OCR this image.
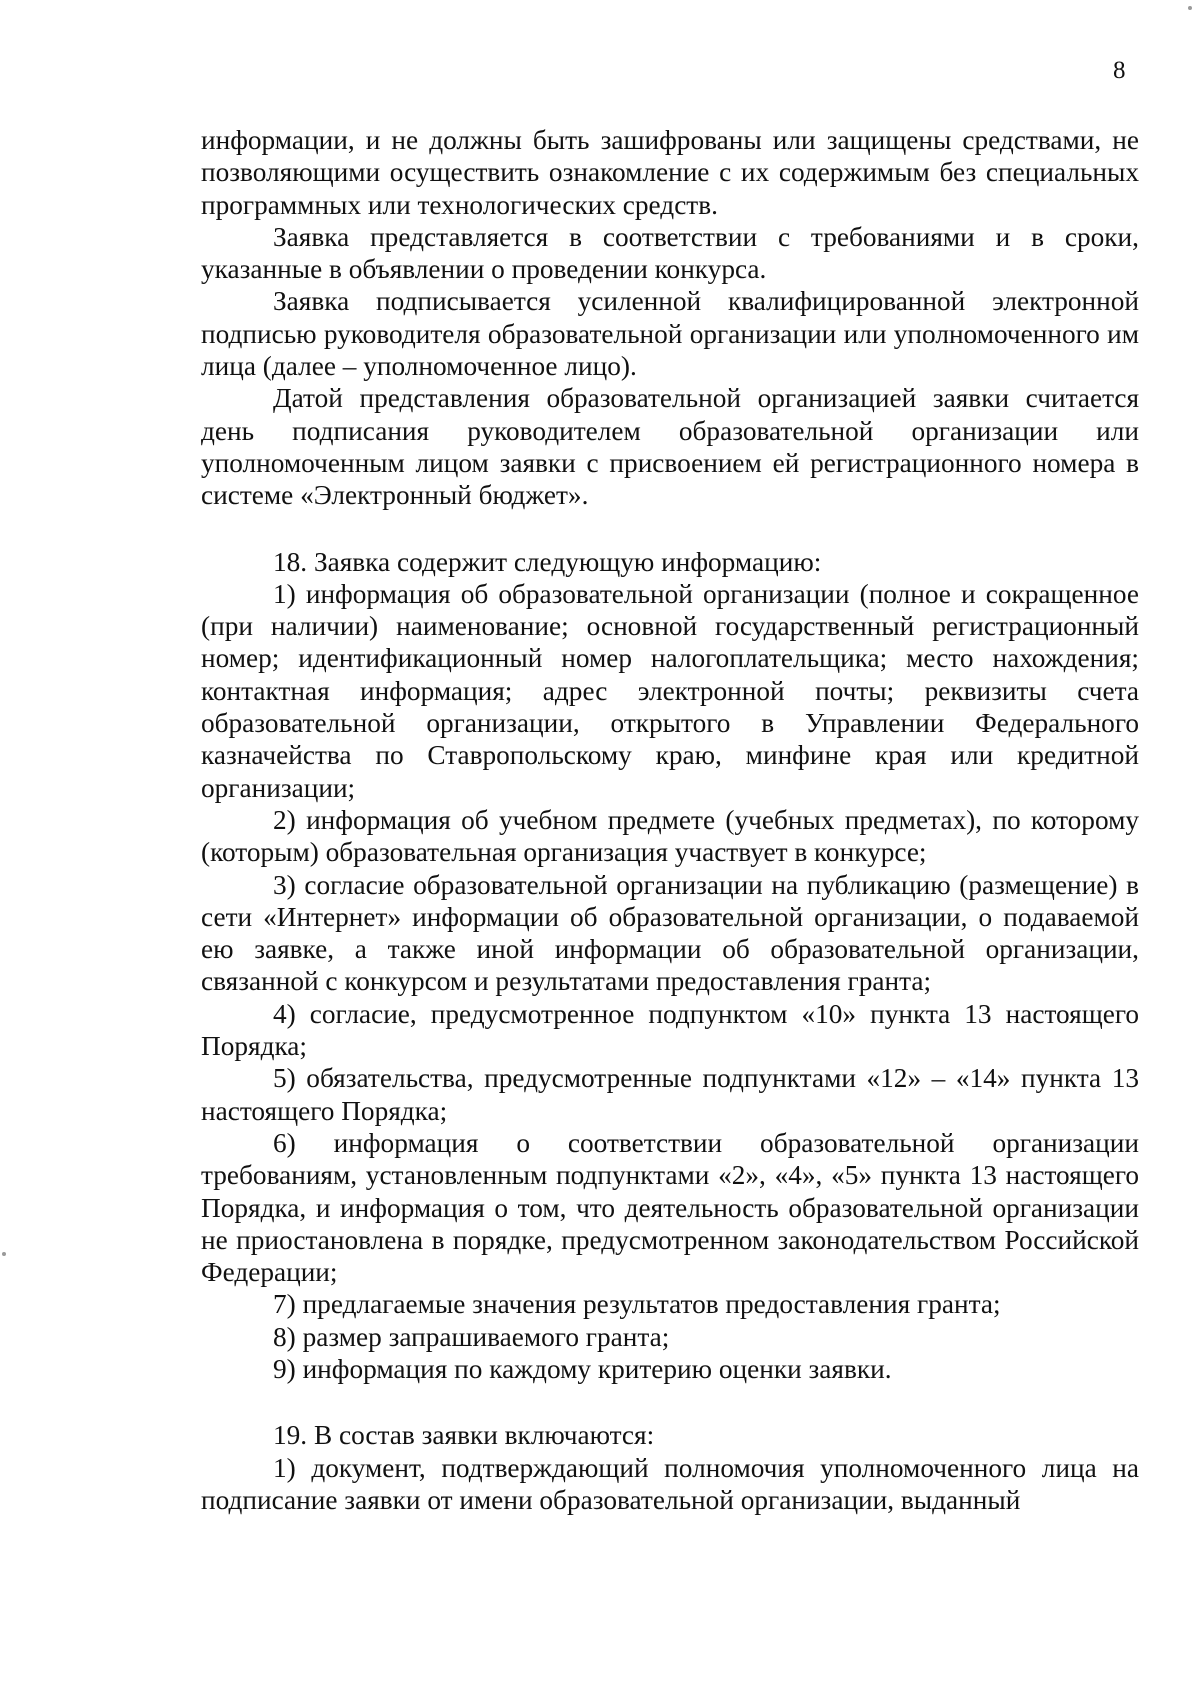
8

информации, и не должны быть зашифрованы или защищены средствами, не позволяющими осуществить ознакомление с их содержимым без специальных программных или технологических средств.

Заявка представляется в соответствии с требованиями и в сроки, указанные в объявлении о проведении конкурса.

Заявка подписывается усиленной квалифицированной электронной подписью руководителя образовательной организации или уполномоченного им лица (далее – уполномоченное лицо).

Датой представления образовательной организацией заявки считается день подписания руководителем образовательной организации или уполномоченным лицом заявки с присвоением ей регистрационного номера в системе «Электронный бюджет».

18. Заявка содержит следующую информацию:

1) информация об образовательной организации (полное и сокращенное (при наличии) наименование; основной государственный регистрационный номер; идентификационный номер налогоплательщика; место нахождения; контактная информация; адрес электронной почты; реквизиты счета образовательной организации, открытого в Управлении Федерального казначейства по Ставропольскому краю, минфине края или кредитной организации;

2) информация об учебном предмете (учебных предметах), по которому (которым) образовательная организация участвует в конкурсе;

3) согласие образовательной организации на публикацию (размещение) в сети «Интернет» информации об образовательной организации, о подаваемой ею заявке, а также иной информации об образовательной организации, связанной с конкурсом и результатами предоставления гранта;

4) согласие, предусмотренное подпунктом «10» пункта 13 настоящего Порядка;

5) обязательства, предусмотренные подпунктами «12» – «14» пункта 13 настоящего Порядка;

6) информация о соответствии образовательной организации требованиям, установленным подпунктами «2», «4», «5» пункта 13 настоящего Порядка, и информация о том, что деятельность образовательной организации не приостановлена в порядке, предусмотренном законодательством Российской Федерации;

7) предлагаемые значения результатов предоставления гранта;

8) размер запрашиваемого гранта;

9) информация по каждому критерию оценки заявки.

19. В состав заявки включаются:

1) документ, подтверждающий полномочия уполномоченного лица на подписание заявки от имени образовательной организации, выданный
